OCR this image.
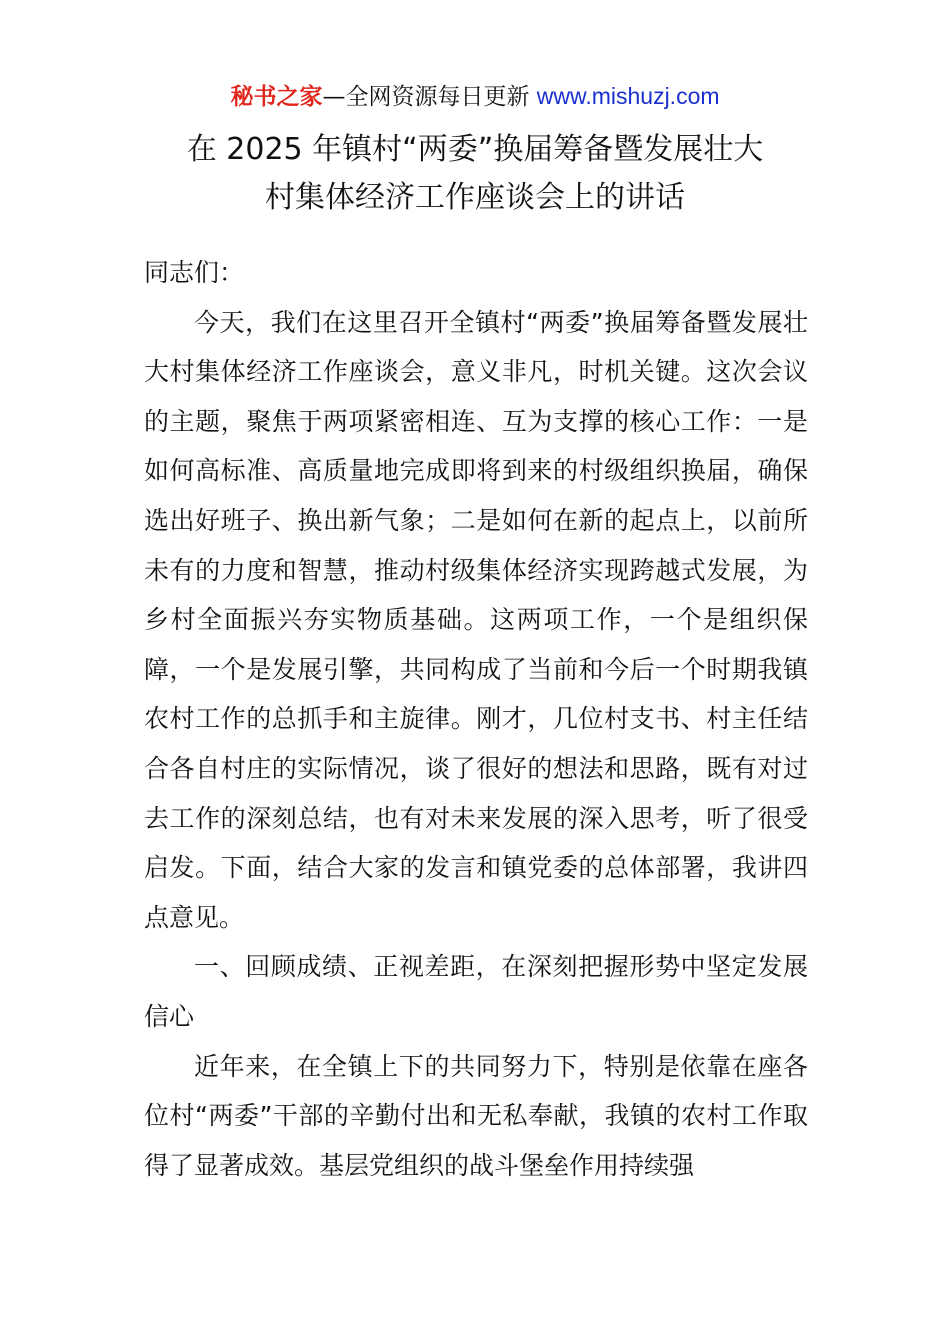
秘书之家—全网资源每日更新 www.mishuzj.com
在 2025 年镇村“两委”换届筹备暨发展壮大
村集体经济工作座谈会上的讲话

同志们：

今天，我们在这里召开全镇村“两委”换届筹备暨发展壮大村集体经济工作座谈会，意义非凡，时机关键。这次会议的主题，聚焦于两项紧密相连、互为支撑的核心工作：一是如何高标准、高质量地完成即将到来的村级组织换届，确保选出好班子、换出新气象；二是如何在新的起点上，以前所未有的力度和智慧，推动村级集体经济实现跨越式发展，为乡村全面振兴夯实物质基础。这两项工作，一个是组织保障，一个是发展引擎，共同构成了当前和今后一个时期我镇农村工作的总抓手和主旋律。刚才，几位村支书、村主任结合各自村庄的实际情况，谈了很好的想法和思路，既有对过去工作的深刻总结，也有对未来发展的深入思考，听了很受启发。下面，结合大家的发言和镇党委的总体部署，我讲四点意见。

一、回顾成绩、正视差距，在深刻把握形势中坚定发展信心

近年来，在全镇上下的共同努力下，特别是依靠在座各位村“两委”干部的辛勤付出和无私奉献，我镇的农村工作取得了显著成效。基层党组织的战斗堡垒作用持续强
